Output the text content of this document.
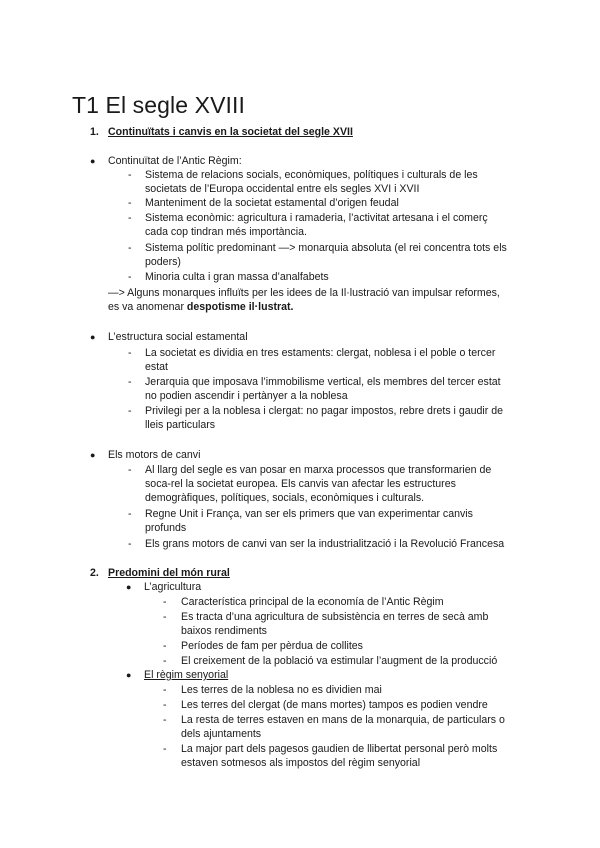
T1 El segle XVIII
1. Continuïtats i canvis en la societat del segle XVII
● Continuïtat de l’Antic Règim:
- Sistema de relacions socials, econòmiques, polítiques i culturals de les
societats de l’Europa occidental entre els segles XVI i XVII
- Manteniment de la societat estamental d’origen feudal
- Sistema econòmic: agricultura i ramaderia, l’activitat artesana i el comerç
cada cop tindran més importància.
- Sistema polític predominant —> monarquia absoluta (el rei concentra tots els
poders)
- Minoria culta i gran massa d’analfabets
—> Alguns monarques influïts per les idees de la Il·lustració van impulsar reformes,
es va anomenar despotisme il·lustrat.
● L’estructura social estamental
- La societat es dividia en tres estaments: clergat, noblesa i el poble o tercer
estat
- Jerarquia que imposava l’immobilisme vertical, els membres del tercer estat
no podien ascendir i pertànyer a la noblesa
- Privilegi per a la noblesa i clergat: no pagar impostos, rebre drets i gaudir de
lleis particulars
● Els motors de canvi
- Al llarg del segle es van posar en marxa processos que transformarien de
soca-rel la societat europea. Els canvis van afectar les estructures
demogràfiques, polítiques, socials, econòmiques i culturals.
- Regne Unit i França, van ser els primers que van experimentar canvis
profunds
- Els grans motors de canvi van ser la industrialització i la Revolució Francesa
2. Predomini del món rural
● L’agricultura
- Característica principal de la economía de l’Antic Règim
- Es tracta d’una agricultura de subsistència en terres de secà amb
baixos rendiments
- Períodes de fam per pèrdua de collites
- El creixement de la població va estimular l’augment de la producció
● El règim senyorial
- Les terres de la noblesa no es dividien mai
- Les terres del clergat (de mans mortes) tampos es podien vendre
- La resta de terres estaven en mans de la monarquia, de particulars o
dels ajuntaments
- La major part dels pagesos gaudien de llibertat personal però molts
estaven sotmesos als impostos del règim senyorial
